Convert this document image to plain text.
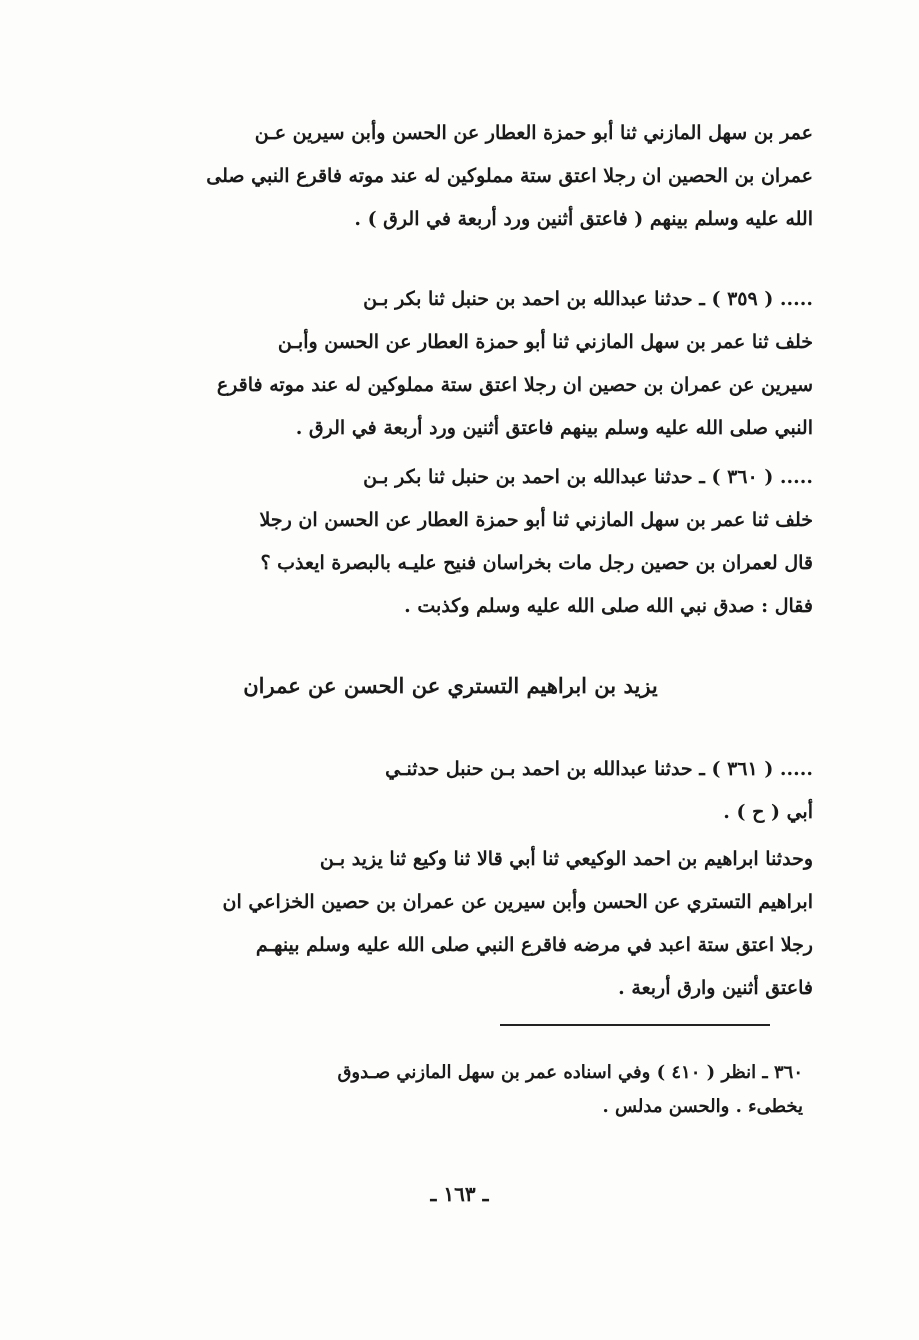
عمر بن سهل المازني ثنا أبو حمزة العطار عن الحسن وأبن سيرين عـن
عمران بن الحصين ان رجلا اعتق ستة مملوكين له عند موته فاقرع النبي صلى
الله عليه وسلم بينهم ( فاعتق أثنين ورد أربعة في الرق ) .
..... ( ٣٥٩ ) ـ حدثنا عبدالله بن احمد بن حنبل ثنا بكر بـن
خلف ثنا عمر بن سهل المازني ثنا أبو حمزة العطار عن الحسن وأبـن
سيرين عن عمران بن حصين ان رجلا اعتق ستة مملوكين له عند موته فاقرع
النبي صلى الله عليه وسلم بينهم فاعتق أثنين ورد أربعة في الرق .
..... ( ٣٦٠ ) ـ حدثنا عبدالله بن احمد بن حنبل ثنا بكر بـن
خلف ثنا عمر بن سهل المازني ثنا أبو حمزة العطار عن الحسن ان رجلا
قال لعمران بن حصين رجل مات بخراسان فنيح عليـه بالبصرة ايعذب ؟
فقال : صدق نبي الله صلى الله عليه وسلم وكذبت .
يزيد بن ابراهيم التستري عن الحسن عن عمران
..... ( ٣٦١ ) ـ حدثنا عبدالله بن احمد بـن حنبل حدثنـي
أبي ( ح ) .
وحدثنا ابراهيم بن احمد الوكيعي ثنا أبي قالا ثنا وكيع ثنا يزيد بـن
ابراهيم التستري عن الحسن وأبن سيرين عن عمران بن حصين الخزاعي ان
رجلا اعتق ستة اعبد في مرضه فاقرع النبي صلى الله عليه وسلم بينهـم
فاعتق أثنين وارق أربعة .
٣٦٠ ـ انظر ( ٤١٠ ) وفي اسناده عمر بن سهل المازني صـدوق
يخطىء . والحسن مدلس .
ـ ١٦٣ ـ
